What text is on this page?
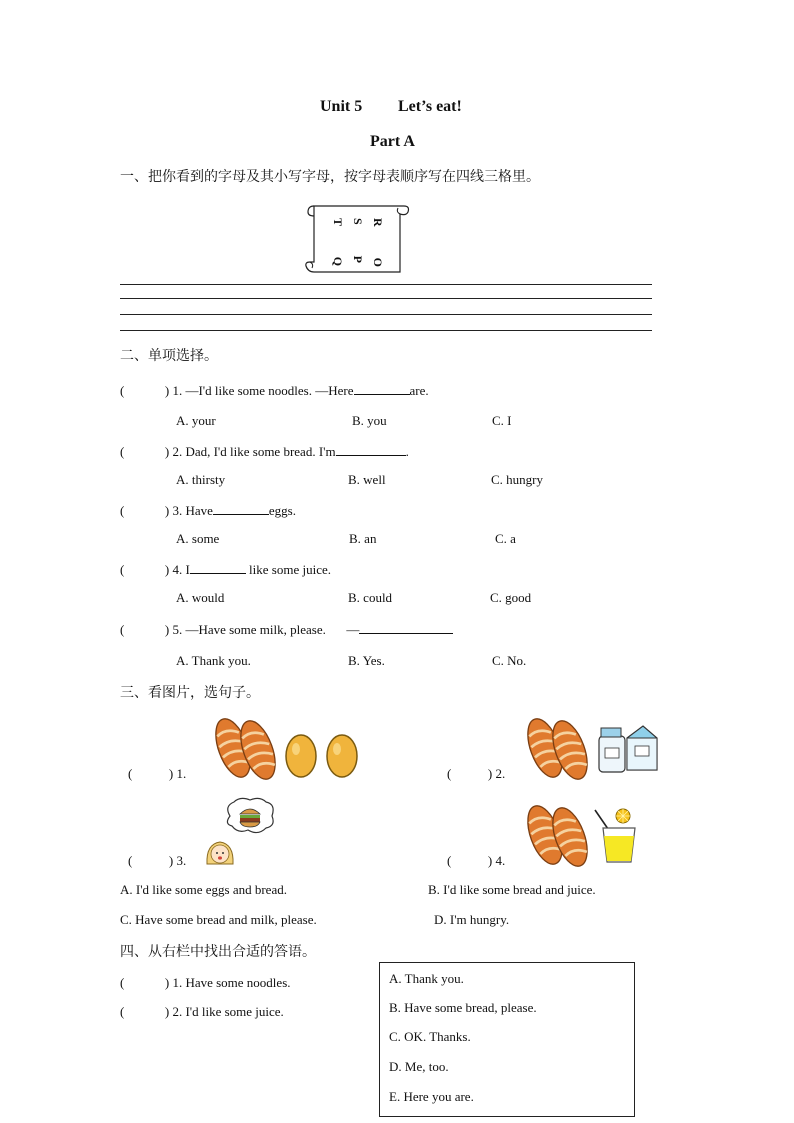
Unit 5 Let’s eat!
Part A
一、把你看到的字母及其小写字母，按字母表顺序写在四线三格里。
R O
S P
T Q
二、单项选择。
(	) 1. —I'd like some noodles. —Here	are.
A. your	B. you	C. I
(	) 2. Dad, I'd like some bread. I'm	.
A. thirsty	B. well	C. hungry
(	) 3. Have	eggs.
A. some	B. an	C. a
(	) 4. I	like some juice.
A. would	B. could	C. good
(	) 5. —Have some milk, please. —
A. Thank you.	B. Yes.	C. No.
三、看图片，选句子。
(	) 1.	(	) 2.
(	) 3.	(	) 4.
A. I'd like some eggs and bread.	B. I'd like some bread and juice.
C. Have some bread and milk, please.	D. I'm hungry.
四、从右栏中找出合适的答语。
(	) 1. Have some noodles.
(	) 2. I'd like some juice.
A. Thank you.
B. Have some bread, please.
C. OK. Thanks.
D. Me, too.
E. Here you are.
